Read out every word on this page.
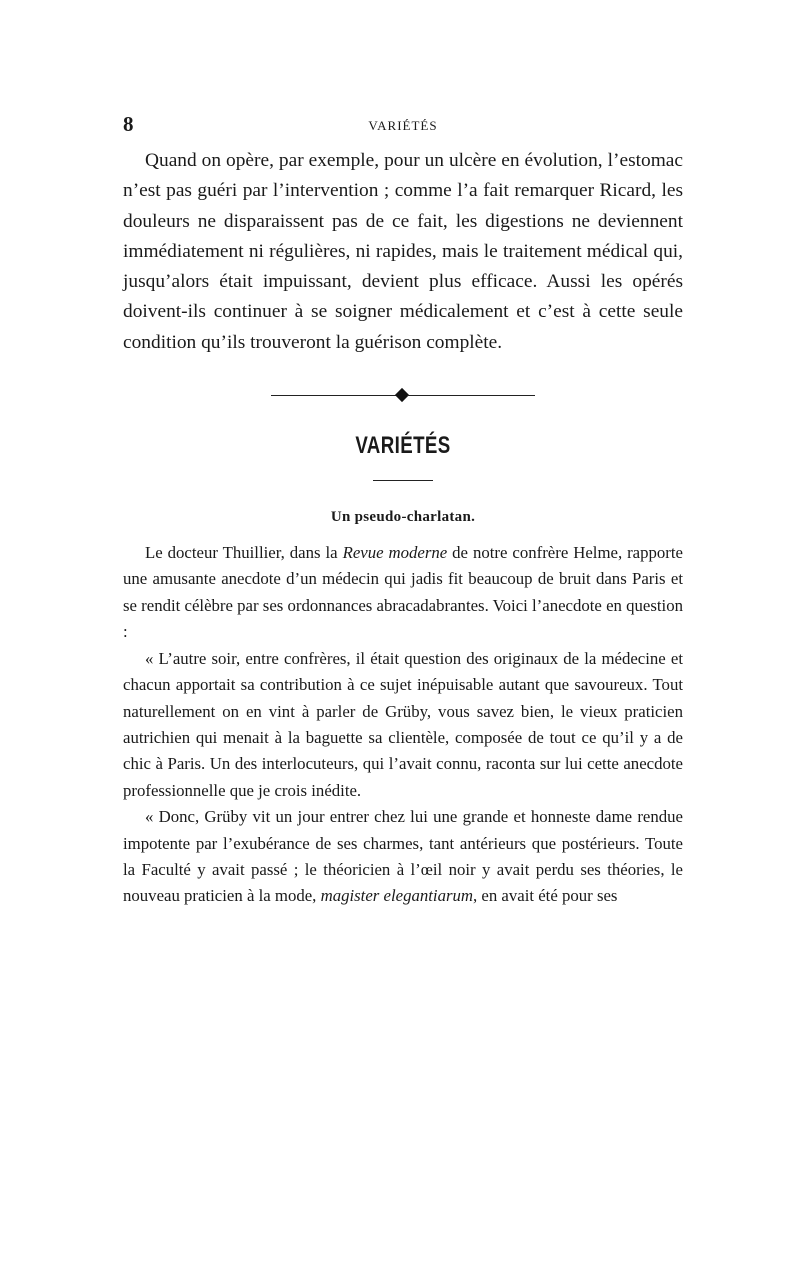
8	VARIÉTÉS

Quand on opère, par exemple, pour un ulcère en évolution, l’estomac n’est pas guéri par l’intervention ; comme l’a fait remarquer Ricard, les douleurs ne disparaissent pas de ce fait, les digestions ne deviennent immédiatement ni régulières, ni rapides, mais le traitement médical qui, jusqu’alors était impuissant, devient plus efficace. Aussi les opérés doivent-ils continuer à se soigner médicalement et c’est à cette seule condition qu’ils trouveront la guérison complète.

VARIÉTÉS
Un pseudo-charlatan.

Le docteur Thuillier, dans la Revue moderne de notre confrère Helme, rapporte une amusante anecdote d’un médecin qui jadis fit beaucoup de bruit dans Paris et se rendit célèbre par ses ordonnances abracadabrantes. Voici l’anecdote en question :

« L’autre soir, entre confrères, il était question des originaux de la médecine et chacun apportait sa contribution à ce sujet inépuisable autant que savoureux. Tout naturellement on en vint à parler de Grüby, vous savez bien, le vieux praticien autrichien qui menait à la baguette sa clientèle, composée de tout ce qu’il y a de chic à Paris. Un des interlocuteurs, qui l’avait connu, raconta sur lui cette anecdote professionnelle que je crois inédite.

« Donc, Grüby vit un jour entrer chez lui une grande et honneste dame rendue impotente par l’exubérance de ses charmes, tant antérieurs que postérieurs. Toute la Faculté y avait passé ; le théoricien à l’œil noir y avait perdu ses théories, le nouveau praticien à la mode, magister elegantiarum, en avait été pour ses
